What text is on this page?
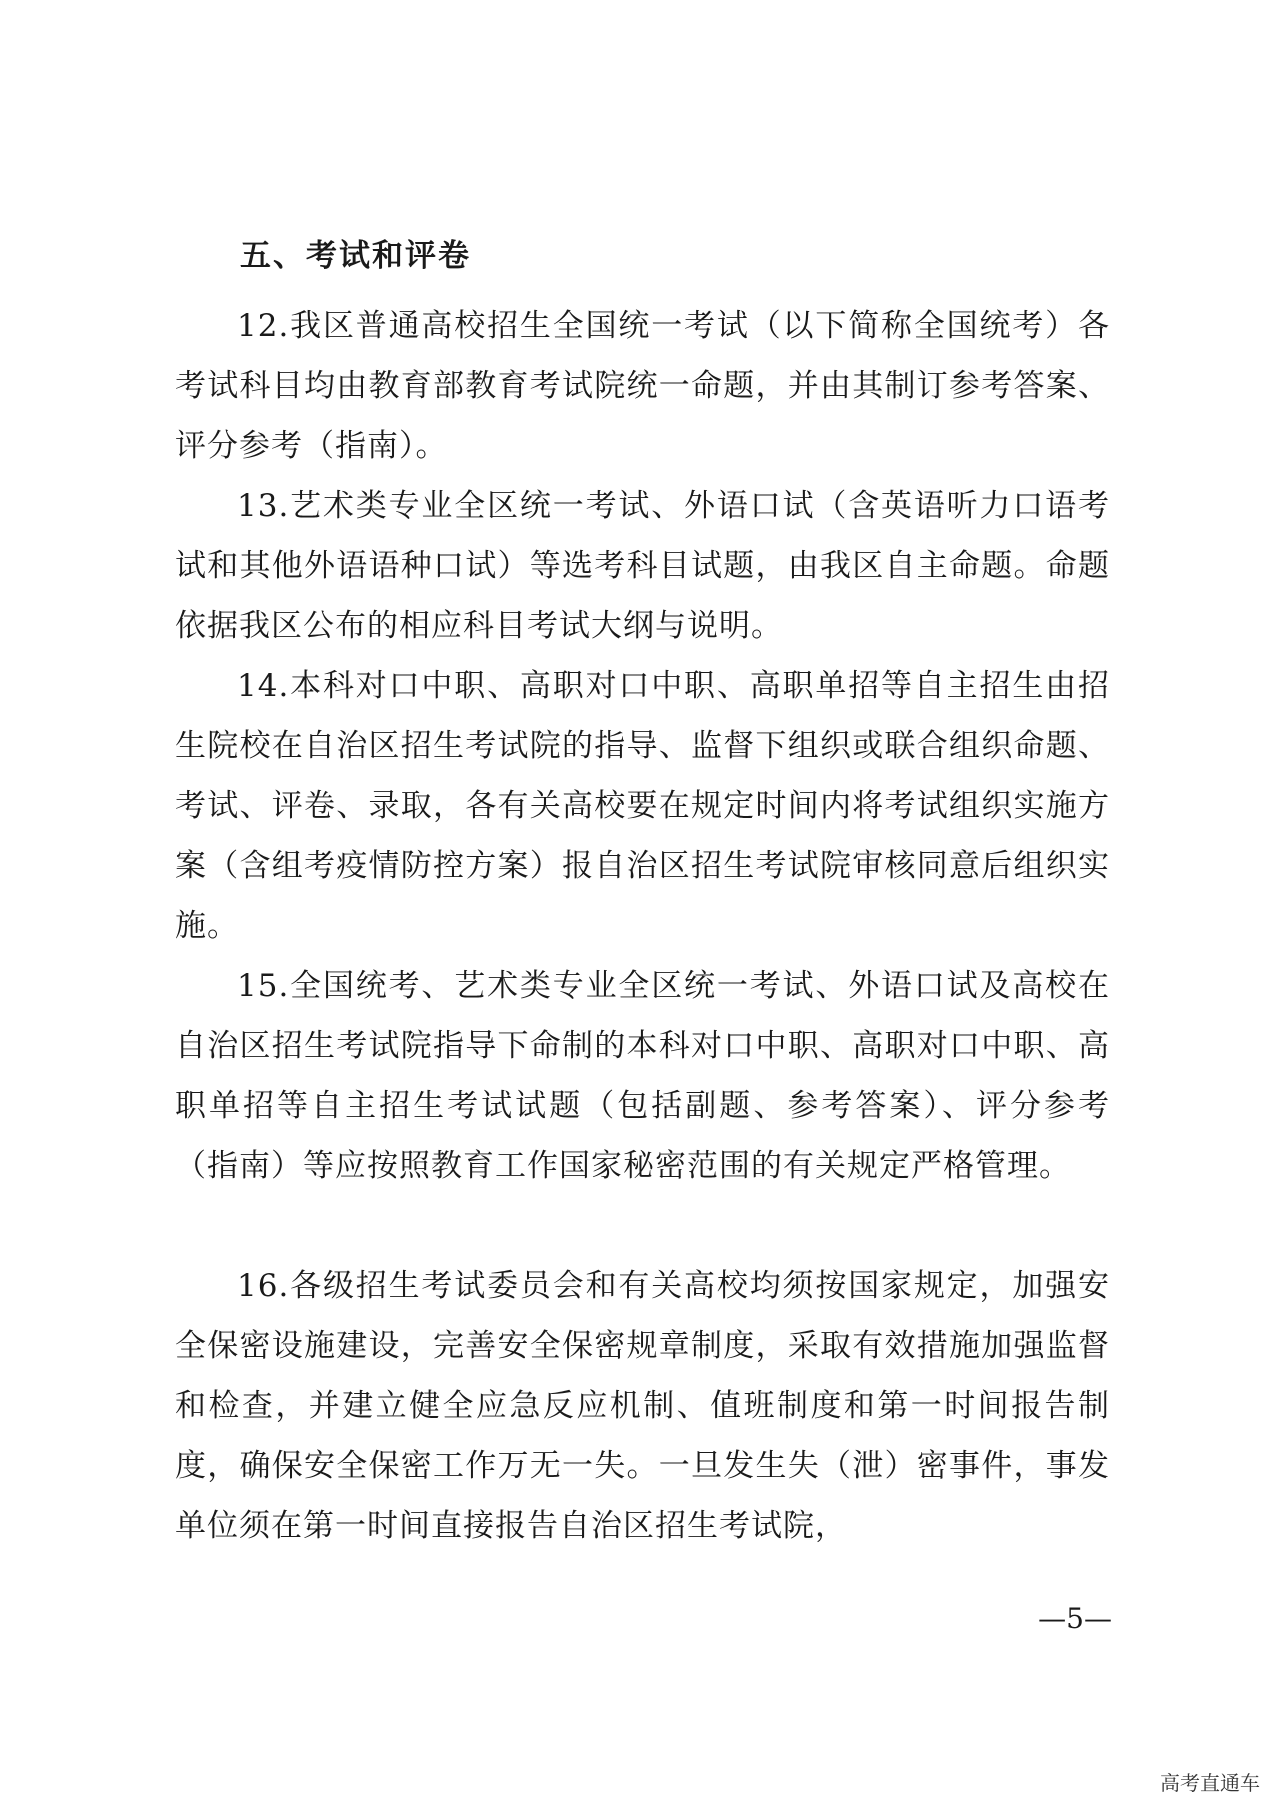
五、考试和评卷

12.我区普通高校招生全国统一考试（以下简称全国统考）各考试科目均由教育部教育考试院统一命题，并由其制订参考答案、评分参考（指南）。

13.艺术类专业全区统一考试、外语口试（含英语听力口语考试和其他外语语种口试）等选考科目试题，由我区自主命题。命题依据我区公布的相应科目考试大纲与说明。

14.本科对口中职、高职对口中职、高职单招等自主招生由招生院校在自治区招生考试院的指导、监督下组织或联合组织命题、考试、评卷、录取，各有关高校要在规定时间内将考试组织实施方案（含组考疫情防控方案）报自治区招生考试院审核同意后组织实施。

15.全国统考、艺术类专业全区统一考试、外语口试及高校在自治区招生考试院指导下命制的本科对口中职、高职对口中职、高职单招等自主招生考试试题（包括副题、参考答案）、评分参考（指南）等应按照教育工作国家秘密范围的有关规定严格管理。

16.各级招生考试委员会和有关高校均须按国家规定，加强安全保密设施建设，完善安全保密规章制度，采取有效措施加强监督和检查，并建立健全应急反应机制、值班制度和第一时间报告制度，确保安全保密工作万无一失。一旦发生失（泄）密事件，事发单位须在第一时间直接报告自治区招生考试院，

—5—
高考直通车
